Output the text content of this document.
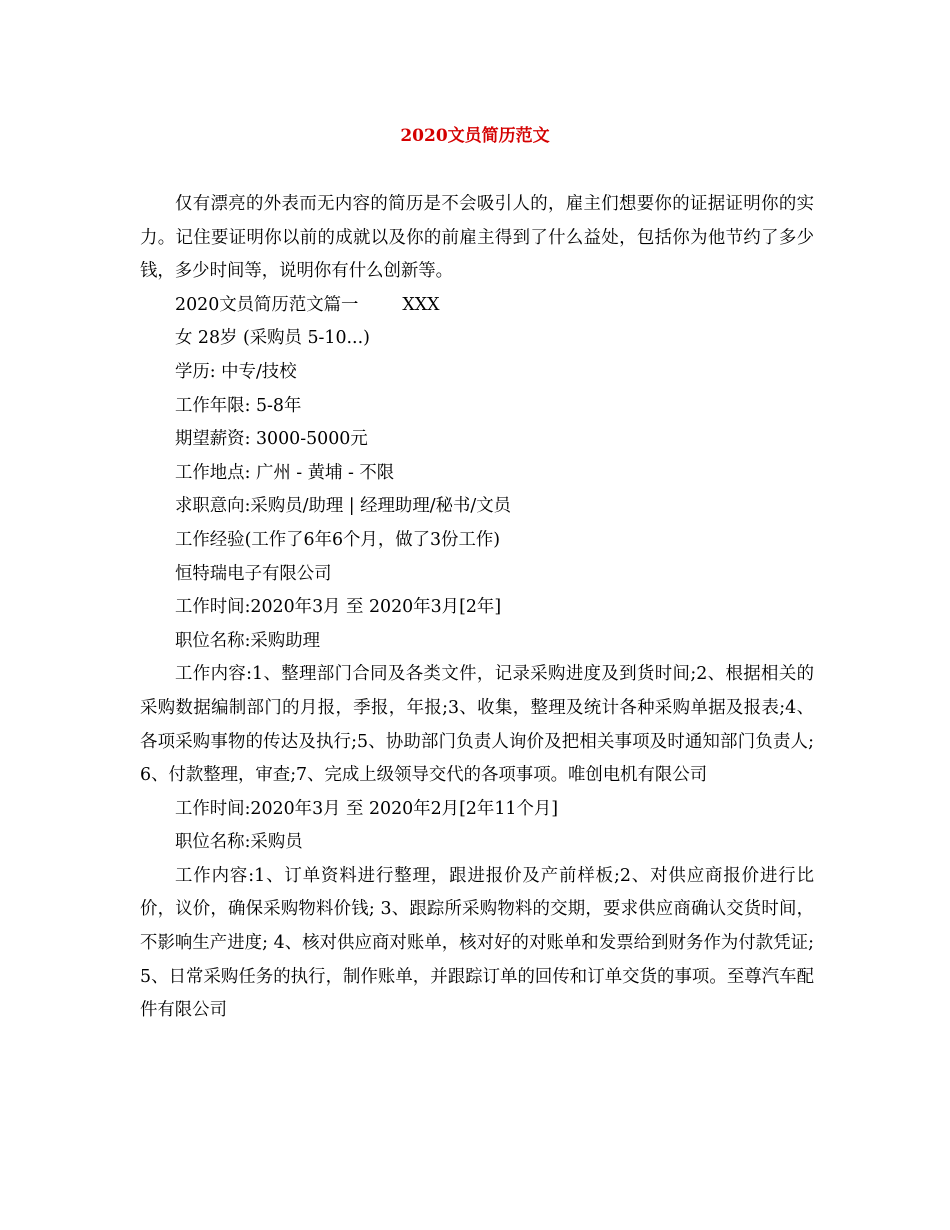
2020文员简历范文

仅有漂亮的外表而无内容的简历是不会吸引人的，雇主们想要你的证据证明你的实力。记住要证明你以前的成就以及你的前雇主得到了什么益处，包括你为他节约了多少钱，多少时间等，说明你有什么创新等。

2020文员简历范文篇一	XXX

女 28岁 (采购员 5-10...)

学历: 中专/技校

工作年限: 5-8年

期望薪资: 3000-5000元

工作地点: 广州 - 黄埔 - 不限

求职意向:采购员/助理 | 经理助理/秘书/文员

工作经验(工作了6年6个月，做了3份工作)

恒特瑞电子有限公司

工作时间:2020年3月 至 2020年3月[2年]

职位名称:采购助理

工作内容:1、整理部门合同及各类文件，记录采购进度及到货时间;2、根据相关的采购数据编制部门的月报，季报，年报;3、收集，整理及统计各种采购单据及报表;4、各项采购事物的传达及执行;5、协助部门负责人询价及把相关事项及时通知部门负责人;6、付款整理，审查;7、完成上级领导交代的各项事项。唯创电机有限公司

工作时间:2020年3月 至 2020年2月[2年11个月]

职位名称:采购员

工作内容:1、订单资料进行整理，跟进报价及产前样板;2、对供应商报价进行比价，议价，确保采购物料价钱; 3、跟踪所采购物料的交期，要求供应商确认交货时间，不影响生产进度; 4、核对供应商对账单，核对好的对账单和发票给到财务作为付款凭证; 5、日常采购任务的执行，制作账单，并跟踪订单的回传和订单交货的事项。至尊汽车配件有限公司
